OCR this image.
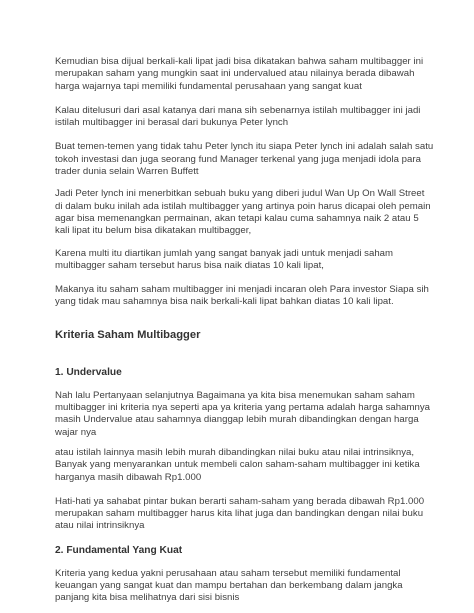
Kemudian bisa dijual berkali-kali lipat jadi bisa dikatakan bahwa saham multibagger ini merupakan saham yang mungkin saat ini undervalued atau nilainya berada dibawah harga wajarnya tapi memiliki fundamental perusahaan yang sangat kuat

Kalau ditelusuri dari asal katanya dari mana sih sebenarnya istilah multibagger ini jadi istilah multibagger ini berasal dari bukunya Peter lynch

Buat temen-temen yang tidak tahu Peter lynch itu siapa Peter lynch ini adalah salah satu tokoh investasi dan juga seorang fund Manager terkenal yang juga menjadi idola para trader dunia selain Warren Buffett

Jadi Peter lynch ini menerbitkan sebuah buku yang diberi judul Wan Up On Wall Street di dalam buku inilah ada istilah multibagger yang artinya poin harus dicapai oleh pemain agar bisa memenangkan permainan, akan tetapi kalau cuma sahamnya naik 2 atau 5 kali lipat itu belum bisa dikatakan multibagger,

Karena multi itu diartikan jumlah yang sangat banyak jadi untuk menjadi saham multibagger saham tersebut harus bisa naik diatas 10 kali lipat,

Makanya itu saham saham multibagger ini menjadi incaran oleh Para investor Siapa sih yang tidak mau sahamnya bisa naik berkali-kali lipat bahkan diatas 10 kali lipat.

Kriteria Saham Multibagger
1. Undervalue

Nah lalu Pertanyaan selanjutnya Bagaimana ya kita bisa menemukan saham saham multibagger ini kriteria nya seperti apa ya kriteria yang pertama adalah harga sahamnya masih Undervalue atau sahamnya dianggap lebih murah dibandingkan dengan harga wajar nya

atau istilah lainnya masih lebih murah dibandingkan nilai buku atau nilai intrinsiknya, Banyak yang menyarankan untuk membeli calon saham-saham multibagger ini ketika harganya masih dibawah Rp1.000

Hati-hati ya sahabat pintar bukan berarti saham-saham yang berada dibawah Rp1.000 merupakan saham multibagger harus kita lihat juga dan bandingkan dengan nilai buku atau nilai intrinsiknya

2. Fundamental Yang Kuat

Kriteria yang kedua yakni perusahaan atau saham tersebut memiliki fundamental keuangan yang sangat kuat dan mampu bertahan dan berkembang dalam jangka panjang kita bisa melihatnya dari sisi bisnis
